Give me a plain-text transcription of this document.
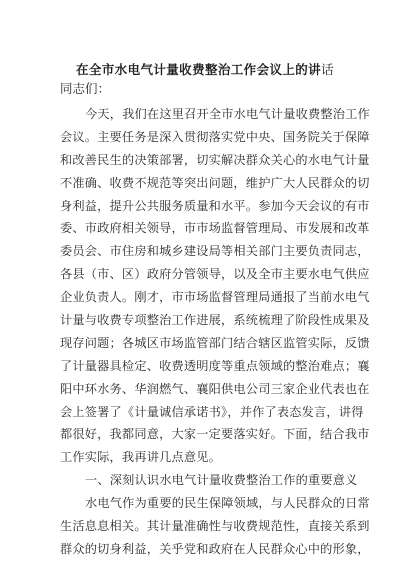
在全市水电气计量收费整治工作会议上的讲话
同志们：
今天，我们在这里召开全市水电气计量收费整治工作
会议。主要任务是深入贯彻落实党中央、国务院关于保障
和改善民生的决策部署，切实解决群众关心的水电气计量
不准确、收费不规范等突出问题，维护广大人民群众的切
身利益，提升公共服务质量和水平。参加今天会议的有市
委、市政府相关领导，市市场监督管理局、市发展和改革
委员会、市住房和城乡建设局等相关部门主要负责同志，
各县（市、区）政府分管领导，以及全市主要水电气供应
企业负责人。刚才，市市场监督管理局通报了当前水电气
计量与收费专项整治工作进展，系统梳理了阶段性成果及
现存问题；各城区市场监管部门结合辖区监管实际，反馈
了计量器具检定、收费透明度等重点领域的整治难点；襄
阳中环水务、华润燃气、襄阳供电公司三家企业代表也在
会上签署了《计量诚信承诺书》，并作了表态发言，讲得
都很好，我都同意，大家一定要落实好。下面，结合我市
工作实际，我再讲几点意见。
一、深刻认识水电气计量收费整治工作的重要意义
水电气作为重要的民生保障领域，与人民群众的日常
生活息息相关。其计量准确性与收费规范性，直接关系到
群众的切身利益，关乎党和政府在人民群众心中的形象，
